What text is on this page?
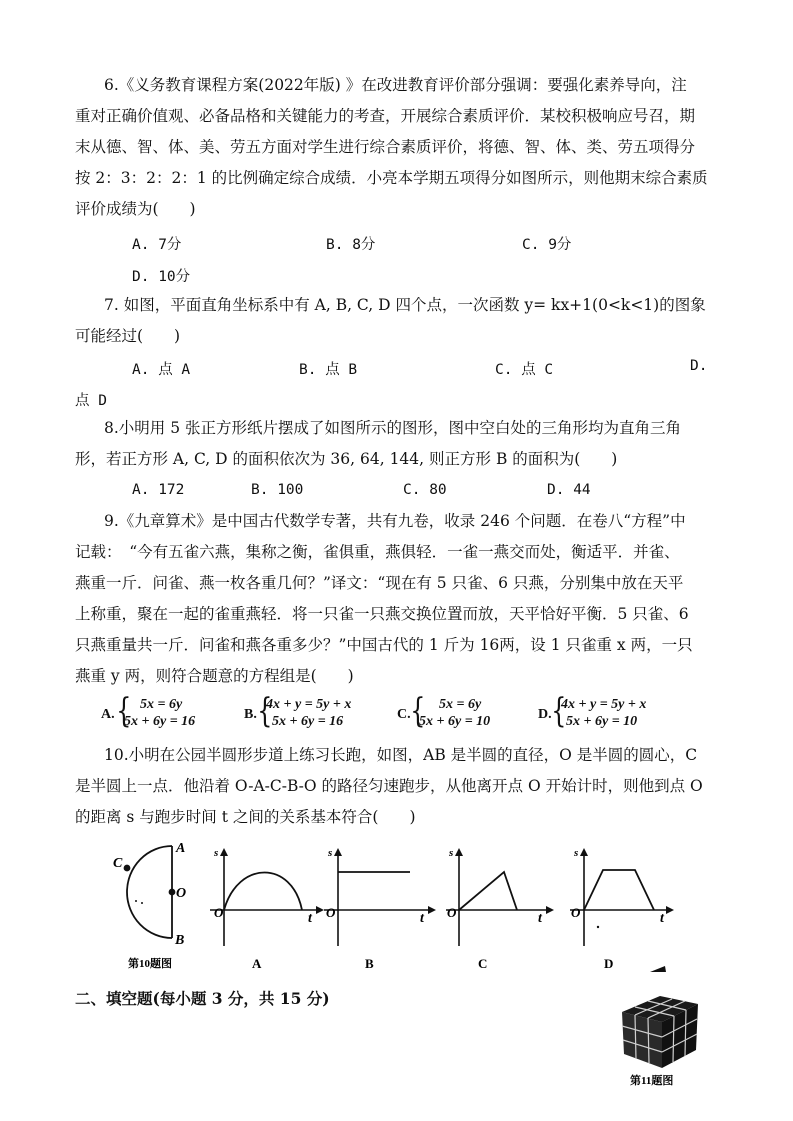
6.《义务教育课程方案(2022年版) 》在改进教育评价部分强调：要强化素养导向，注
重对正确价值观、必备品格和关键能力的考查，开展综合素质评价．某校积极响应号召，期
末从德、智、体、美、劳五方面对学生进行综合素质评价，将德、智、体、类、劳五项得分
按 2：3：2：2：1 的比例确定综合成绩．小亮本学期五项得分如图所示，则他期末综合素质
评价成绩为(　　)
A. 7分	B. 8分	C. 9分
D. 10分
7. 如图，平面直角坐标系中有 A, B, C, D 四个点，一次函数 y= kx+1(0<k<1)的图象
可能经过(　　)
A. 点 A	B. 点 B	C. 点 C	D.
点 D
8.小明用 5 张正方形纸片摆成了如图所示的图形，图中空白处的三角形均为直角三角
形，若正方形 A, C, D 的面积依次为 36, 64, 144, 则正方形 B 的面积为(　　)
A. 172	B. 100	C. 80	D. 44
9.《九章算术》是中国古代数学专著，共有九卷，收录 246 个问题．在卷八“方程”中
记载：　“今有五雀六燕，集称之衡，雀俱重，燕俱轻．一雀一燕交而处，衡适平．并雀、
燕重一斤．问雀、燕一枚各重几何？”译文：“现在有 5 只雀、6 只燕，分别集中放在天平
上称重，聚在一起的雀重燕轻．将一只雀一只燕交换位置而放，天平恰好平衡．5 只雀、6
只燕重量共一斤．问雀和燕各重多少？”中国古代的 1 斤为 16两，设 1 只雀重 x 两，一只
燕重 y 两，则符合题意的方程组是(　　)
A. { 5x = 6y
5x + 6y = 16	B. {
4x + y = 5y + x
5x + 6y = 16	C. { 5x = 6y
5x + 6y = 10	D. {
4x + y = 5y + x
5x + 6y = 10
10.小明在公园半圆形步道上练习长跑，如图，AB 是半圆的直径，O 是半圆的圆心，C
是半圆上一点．他沿着 O-A-C-B-O 的路径匀速跑步，从他离开点 O 开始计时，则他到点 O
的距离 s 与跑步时间 t 之间的关系基本符合(　　)
C
A
O
B
第10题图
s
t
O
A
s
t
O
B
s
t
O
C
s
t
O
D
第11题图
二、填空题(每小题 3 分，共 15 分)
